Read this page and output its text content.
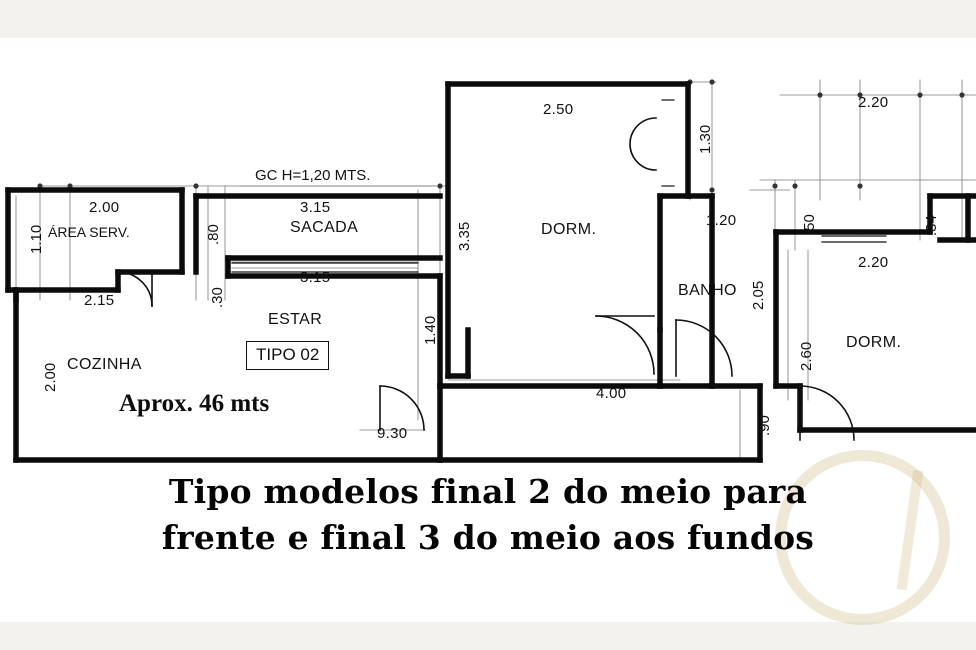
ÁREA SERV.
COZINHA
SACADA
ESTAR
DORM.
BANHO
DORM.
TIPO 02
Aprox. 46 mts
GC H=1,20 MTS.
2.00
2.15
3.15
3.15
9.30
2.50
4.00
1.20
2.20
2.20
1.10
2.00
.80
.30
1.40
3.35
1.30
2.05
.90
.50
2.60
.34
Tipo modelos final 2 do meio para
frente e final 3 do meio aos fundos
